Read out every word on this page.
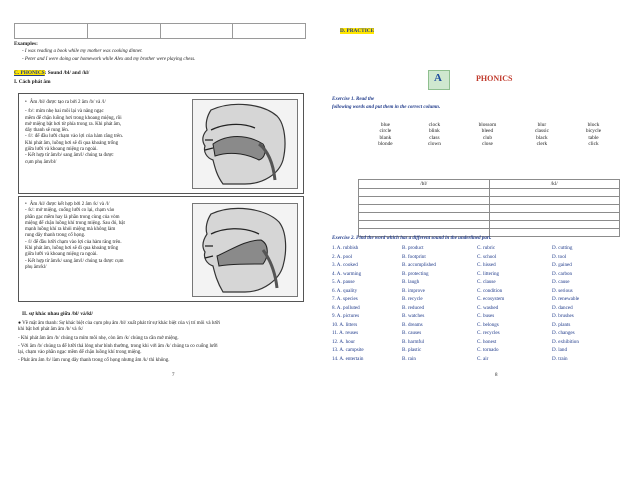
Examples:
- I was reading a book while my mother was cooking dinner.
- Peter and I were doing our homework while Alex and my brother were playing chess.
C. PHONICS: Sound /bl/ and /kl/
I. Cách phát âm
• Âm /bl/ được tạo ra bởi 2 âm /b/ và /l/
- /b/: mím nhẹ hai môi lại và nâng ngạc
mềm để chặn luồng hơi trong khoang miệng, rồi
mở miệng bật hơi từ phía trong ra. Khi phát âm,
dây thanh sẽ rung lên.
- /l/: để đầu lưỡi chạm vào lợi của hàm răng trên.
Khi phát âm, luồng hơi sẽ đi qua khoảng trống
giữa lưỡi và khoang miệng ra ngoài.
- Kết hợp từ âm/b/ sang âm/l/ chúng ta được
cụm phụ âm/bl/
• Âm /kl/ được kết hợp bởi 2 âm /k/ và /l/
- /k/: mở miệng, cuống lưỡi co lại, chạm vào
phần gạc mềm hay là phần trong cùng của vòm
miệng để chặn luồng khí trong miệng. Sau đó, bật
mạnh luồng khí ra khỏi miệng mà không làm
rung dây thanh trong cổ họng.
- /l/ để đầu lưỡi chạm vào lợi của hàm răng trên.
Khi phát âm, luồng hơi sẽ đi qua khoảng trống
giữa lưỡi và khoang miệng ra ngoài.
- Kết hợp từ âm/k/ sang âm/l/ chúng ta được cụm
phụ âm/kl/
II. sự khác nhau giữa /bl/ và/kl/
● Về mặt âm thanh: Sự khác biệt của cụm phụ âm /bl/ xuất phát từ sự khác biệt của vị trí môi và lưỡi
khi bật hơi phát âm âm /b/ và /k/
- Khi phát âm âm /b/ chúng ta mím môi nhẹ, còn âm /k/ chúng ta cần mở miệng.
- Với âm /b/ chúng ta để lưỡi thả lỏng như bình thường, trong khi với âm /k/ chúng ta co cuống lưỡi
lại, chạm vào phần ngạc mềm để chặn luồng khí trong miệng.
- Phát âm âm /b/ làm rung dây thanh trong cổ họng nhưng âm /k/ thì không.
7
D. PRACTICE
A	PHONICS
Exercise 1. Read the
following words and put them in the correct column.
blue	clock	blossom	blur	block
circle	blink	bleed	classic	bicycle
blank	class	club	black	table
blonde	clown	close	clerk	click
/bl/	/kl/

Exercise 2. Find the word which has a different sound in the underlined part.
1. A. rubbish	B. product	C. rubric	D. cutting
2. A. pool	B. footprint	C. school	D. tool
3. A. cooked	B. accomplished	C. hissed	D. gained
4. A. warming	B. protecting	C. littering	D. carbon
5. A. pause	B. laugh	C. clause	D. cause
6. A. quality	B. improve	C. condition	D. serious
7. A. species	B. recycle	C. ecosystem	D. renewable
8. A. polluted	B. reduced	C. washed	D. danced
9. A. pictures	B. watches	C. buses	D. brushes
10. A. litters	B. dreams	C. belongs	D. plants
11. A. reuses	B. causes	C. recycles	D. changes
12. A. hour	B. harmful	C. honest	D. exhibition
13. A. campsite	B. plastic	C. tornado	D. land
14. A. entertain	B. rain	C. air	D. train
8
